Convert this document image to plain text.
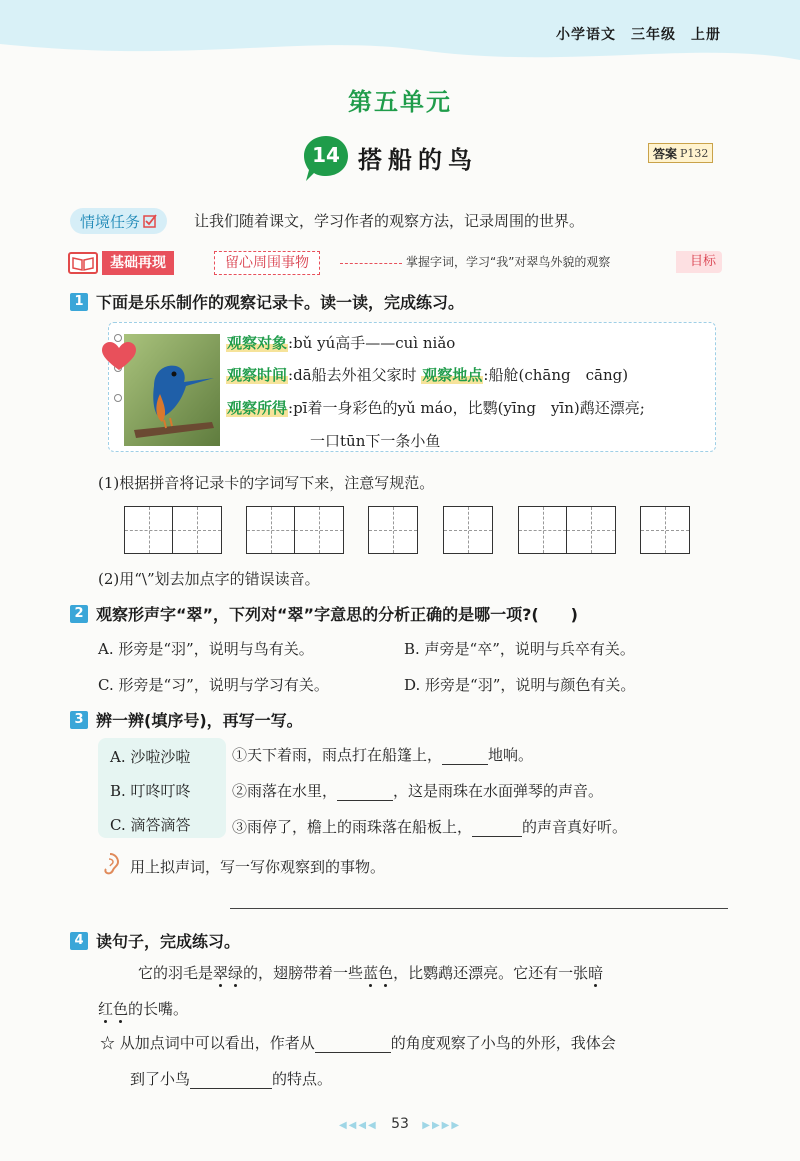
小学语文　三年级　上册
第五单元
14 搭船的鸟	答案 P132
情境任务	让我们随着课文，学习作者的观察方法，记录周围的世界。
基础再现	留心周围事物	掌握字词，学习“我”对翠鸟外貌的观察	目标
1 下面是乐乐制作的观察记录卡。读一读，完成练习。
观察对象:bǔ yú高手——cuì niǎo
观察时间:dā船去外祖父家时 观察地点:船舱(chāng　cāng)
观察所得:pī着一身彩色的yǔ máo，比鹦(yīng　yīn)鹉还漂亮;
一口tūn下一条小鱼
(1)根据拼音将记录卡的字词写下来，注意写规范。
(2)用“\”划去加点字的错误读音。
2 观察形声字“翠”，下列对“翠”字意思的分析正确的是哪一项?(　　)
A. 形旁是“羽”，说明与鸟有关。	B. 声旁是“卒”，说明与兵卒有关。
C. 形旁是“习”，说明与学习有关。	D. 形旁是“羽”，说明与颜色有关。
3 辨一辨(填序号)，再写一写。
A. 沙啦沙啦
B. 叮咚叮咚
C. 滴答滴答
①天下着雨，雨点打在船篷上，	地响。
②雨落在水里，	，这是雨珠在水面弹琴的声音。
③雨停了，檐上的雨珠落在船板上，	的声音真好听。
用上拟声词，写一写你观察到的事物。
4 读句子，完成练习。
它的羽毛是翠绿的，翅膀带着一些蓝色，比鹦鹉还漂亮。它还有一张暗
红色的长嘴。
☆ 从加点词中可以看出，作者从	的角度观察了小鸟的外形，我体会
到了小鸟	的特点。
◀◀◀◀ 53 ▶▶▶▶
